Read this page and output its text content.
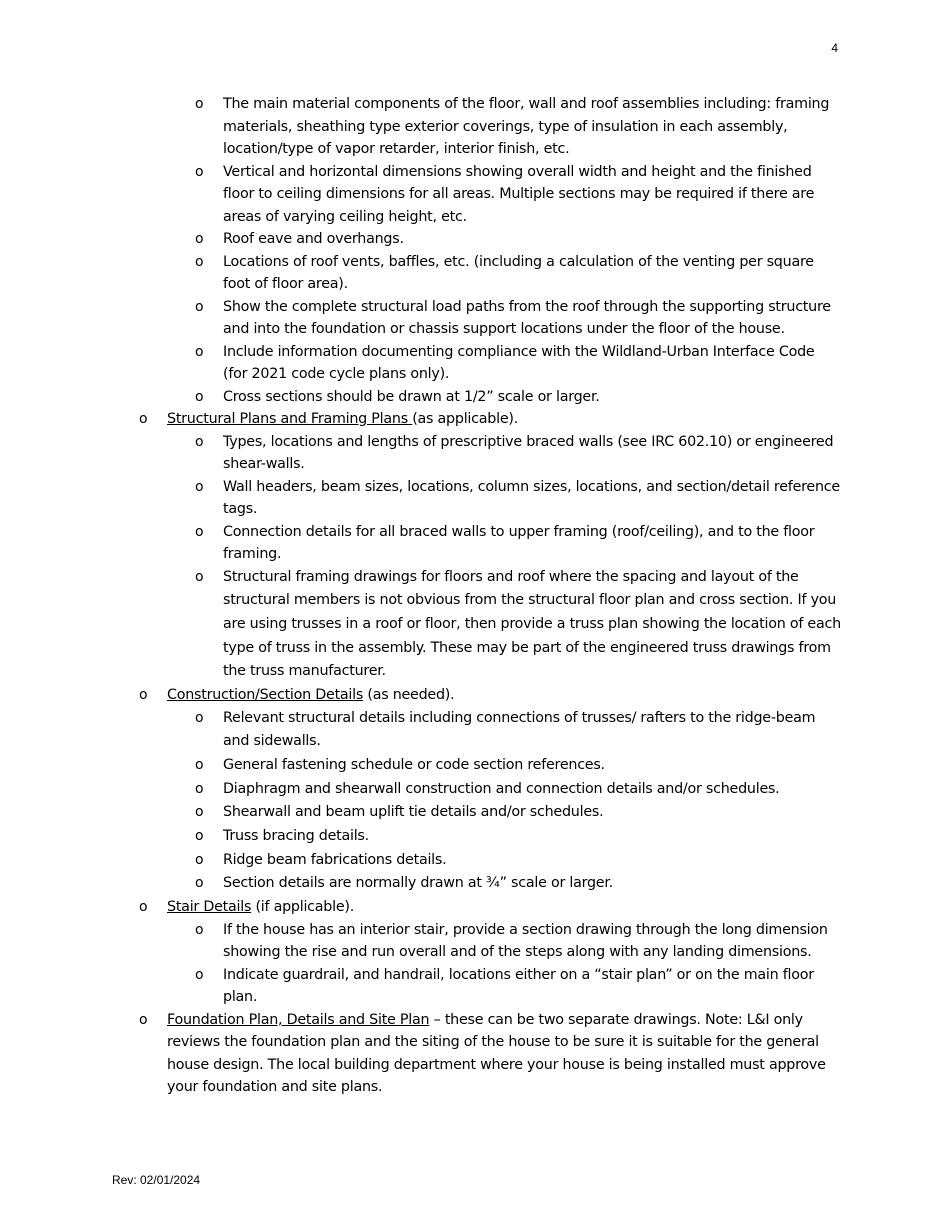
4
o	The main material components of the floor, wall and roof assemblies including: framing materials, sheathing type exterior coverings, type of insulation in each assembly, location/type of vapor retarder, interior finish, etc.
o	Vertical and horizontal dimensions showing overall width and height and the finished floor to ceiling dimensions for all areas. Multiple sections may be required if there are areas of varying ceiling height, etc.
o	Roof eave and overhangs.
o	Locations of roof vents, baffles, etc. (including a calculation of the venting per square foot of floor area).
o	Show the complete structural load paths from the roof through the supporting structure and into the foundation or chassis support locations under the floor of the house.
o	Include information documenting compliance with the Wildland-Urban Interface Code (for 2021 code cycle plans only).
o	Cross sections should be drawn at 1/2” scale or larger.
o	Structural Plans and Framing Plans (as applicable).
o	Types, locations and lengths of prescriptive braced walls (see IRC 602.10) or engineered shear-walls.
o	Wall headers, beam sizes, locations, column sizes, locations, and section/detail reference tags.
o	Connection details for all braced walls to upper framing (roof/ceiling), and to the floor framing.
o	Structural framing drawings for floors and roof where the spacing and layout of the structural members is not obvious from the structural floor plan and cross section. If you are using trusses in a roof or floor, then provide a truss plan showing the location of each type of truss in the assembly. These may be part of the engineered truss drawings from the truss manufacturer.
o	Construction/Section Details (as needed).
o	Relevant structural details including connections of trusses/ rafters to the ridge-beam and sidewalls.
o	General fastening schedule or code section references.
o	Diaphragm and shearwall construction and connection details and/or schedules.
o	Shearwall and beam uplift tie details and/or schedules.
o	Truss bracing details.
o	Ridge beam fabrications details.
o	Section details are normally drawn at ¾” scale or larger.
o	Stair Details (if applicable).
o	If the house has an interior stair, provide a section drawing through the long dimension showing the rise and run overall and of the steps along with any landing dimensions.
o	Indicate guardrail, and handrail, locations either on a “stair plan” or on the main floor plan.
o	Foundation Plan, Details and Site Plan – these can be two separate drawings. Note: L&I only reviews the foundation plan and the siting of the house to be sure it is suitable for the general house design. The local building department where your house is being installed must approve your foundation and site plans.
Rev: 02/01/2024
